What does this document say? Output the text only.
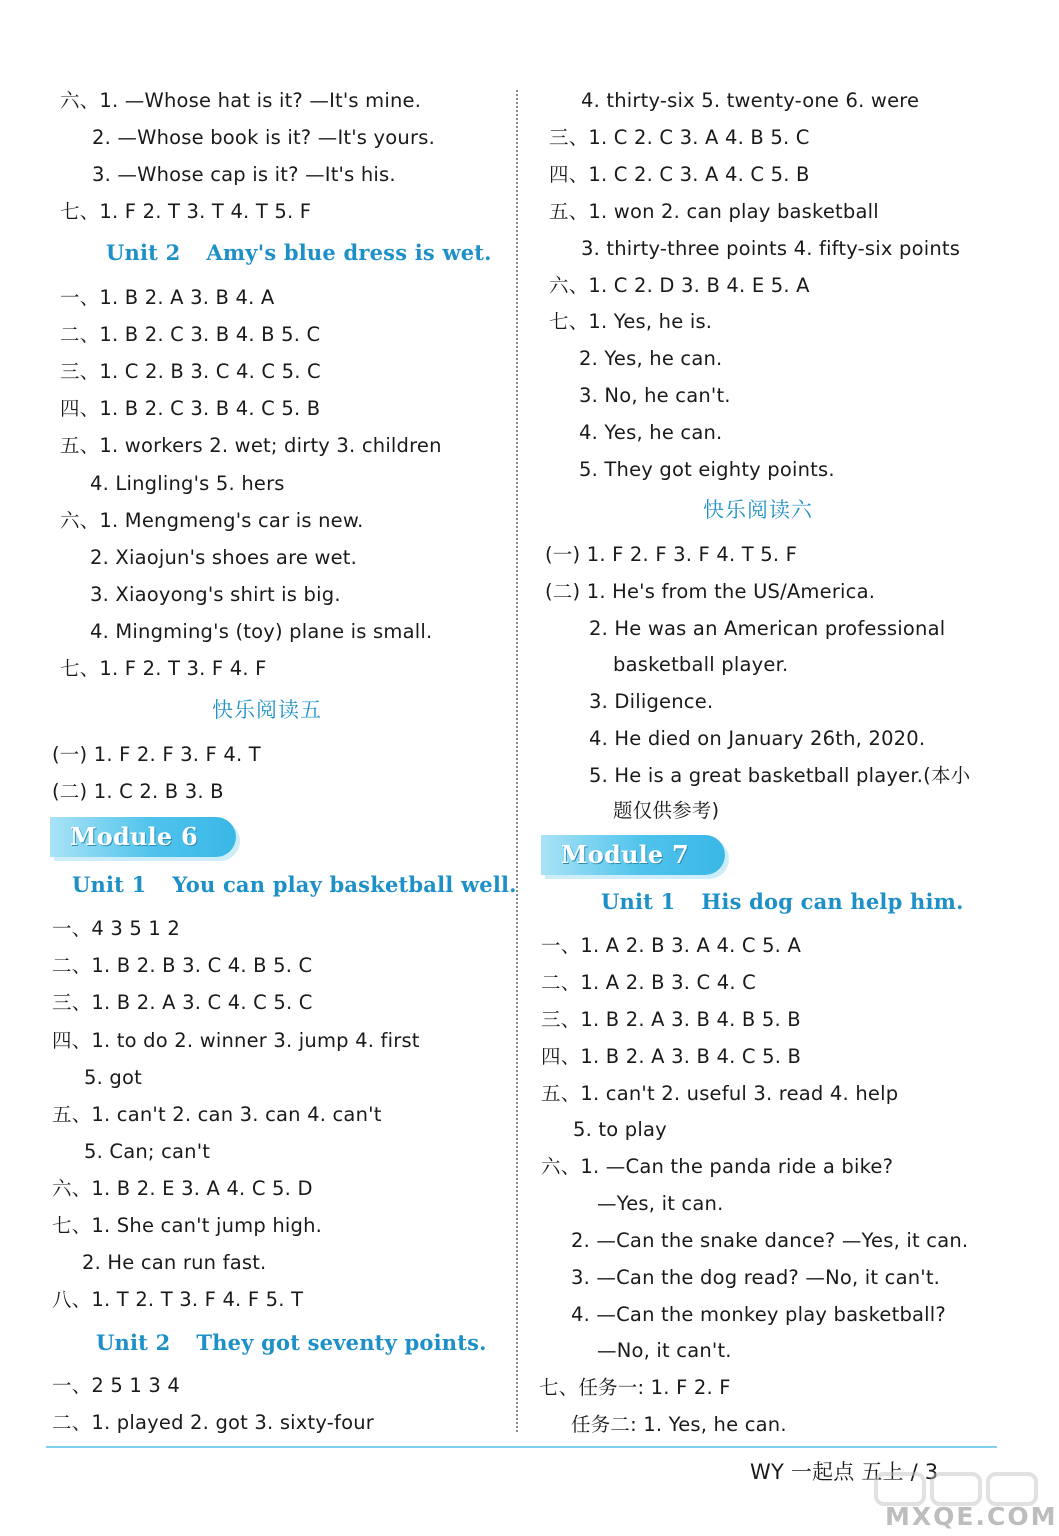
六、1. —Whose hat is it? —It's mine.
2. —Whose book is it? —It's yours.
3. —Whose cap is it? —It's his.
七、1. F 2. T 3. T 4. T 5. F
Unit 2 Amy's blue dress is wet.
一、1. B 2. A 3. B 4. A
二、1. B 2. C 3. B 4. B 5. C
三、1. C 2. B 3. C 4. C 5. C
四、1. B 2. C 3. B 4. C 5. B
五、1. workers 2. wet; dirty 3. children
4. Lingling's 5. hers
六、1. Mengmeng's car is new.
2. Xiaojun's shoes are wet.
3. Xiaoyong's shirt is big.
4. Mingming's (toy) plane is small.
七、1. F 2. T 3. F 4. F
快乐阅读五
(一) 1. F 2. F 3. F 4. T
(二) 1. C 2. B 3. B
Module 6
Unit 1 You can play basketball well.
一、4 3 5 1 2
二、1. B 2. B 3. C 4. B 5. C
三、1. B 2. A 3. C 4. C 5. C
四、1. to do 2. winner 3. jump 4. first
5. got
五、1. can't 2. can 3. can 4. can't
5. Can; can't
六、1. B 2. E 3. A 4. C 5. D
七、1. She can't jump high.
2. He can run fast.
八、1. T 2. T 3. F 4. F 5. T
Unit 2 They got seventy points.
一、2 5 1 3 4
二、1. played 2. got 3. sixty-four
4. thirty-six 5. twenty-one 6. were
三、1. C 2. C 3. A 4. B 5. C
四、1. C 2. C 3. A 4. C 5. B
五、1. won 2. can play basketball
3. thirty-three points 4. fifty-six points
六、1. C 2. D 3. B 4. E 5. A
七、1. Yes, he is.
2. Yes, he can.
3. No, he can't.
4. Yes, he can.
5. They got eighty points.
快乐阅读六
(一) 1. F 2. F 3. F 4. T 5. F
(二) 1. He's from the US/America.
2. He was an American professional
basketball player.
3. Diligence.
4. He died on January 26th, 2020.
5. He is a great basketball player.(本小
题仅供参考)
Module 7
Unit 1 His dog can help him.
一、1. A 2. B 3. A 4. C 5. A
二、1. A 2. B 3. C 4. C
三、1. B 2. A 3. B 4. B 5. B
四、1. B 2. A 3. B 4. C 5. B
五、1. can't 2. useful 3. read 4. help
5. to play
六、1. —Can the panda ride a bike?
—Yes, it can.
2. —Can the snake dance? —Yes, it can.
3. —Can the dog read? —No, it can't.
4. —Can the monkey play basketball?
—No, it can't.
七、任务一: 1. F 2. F
任务二: 1. Yes, he can.
WY 一起点 五上 / 3
MXQE.COM
